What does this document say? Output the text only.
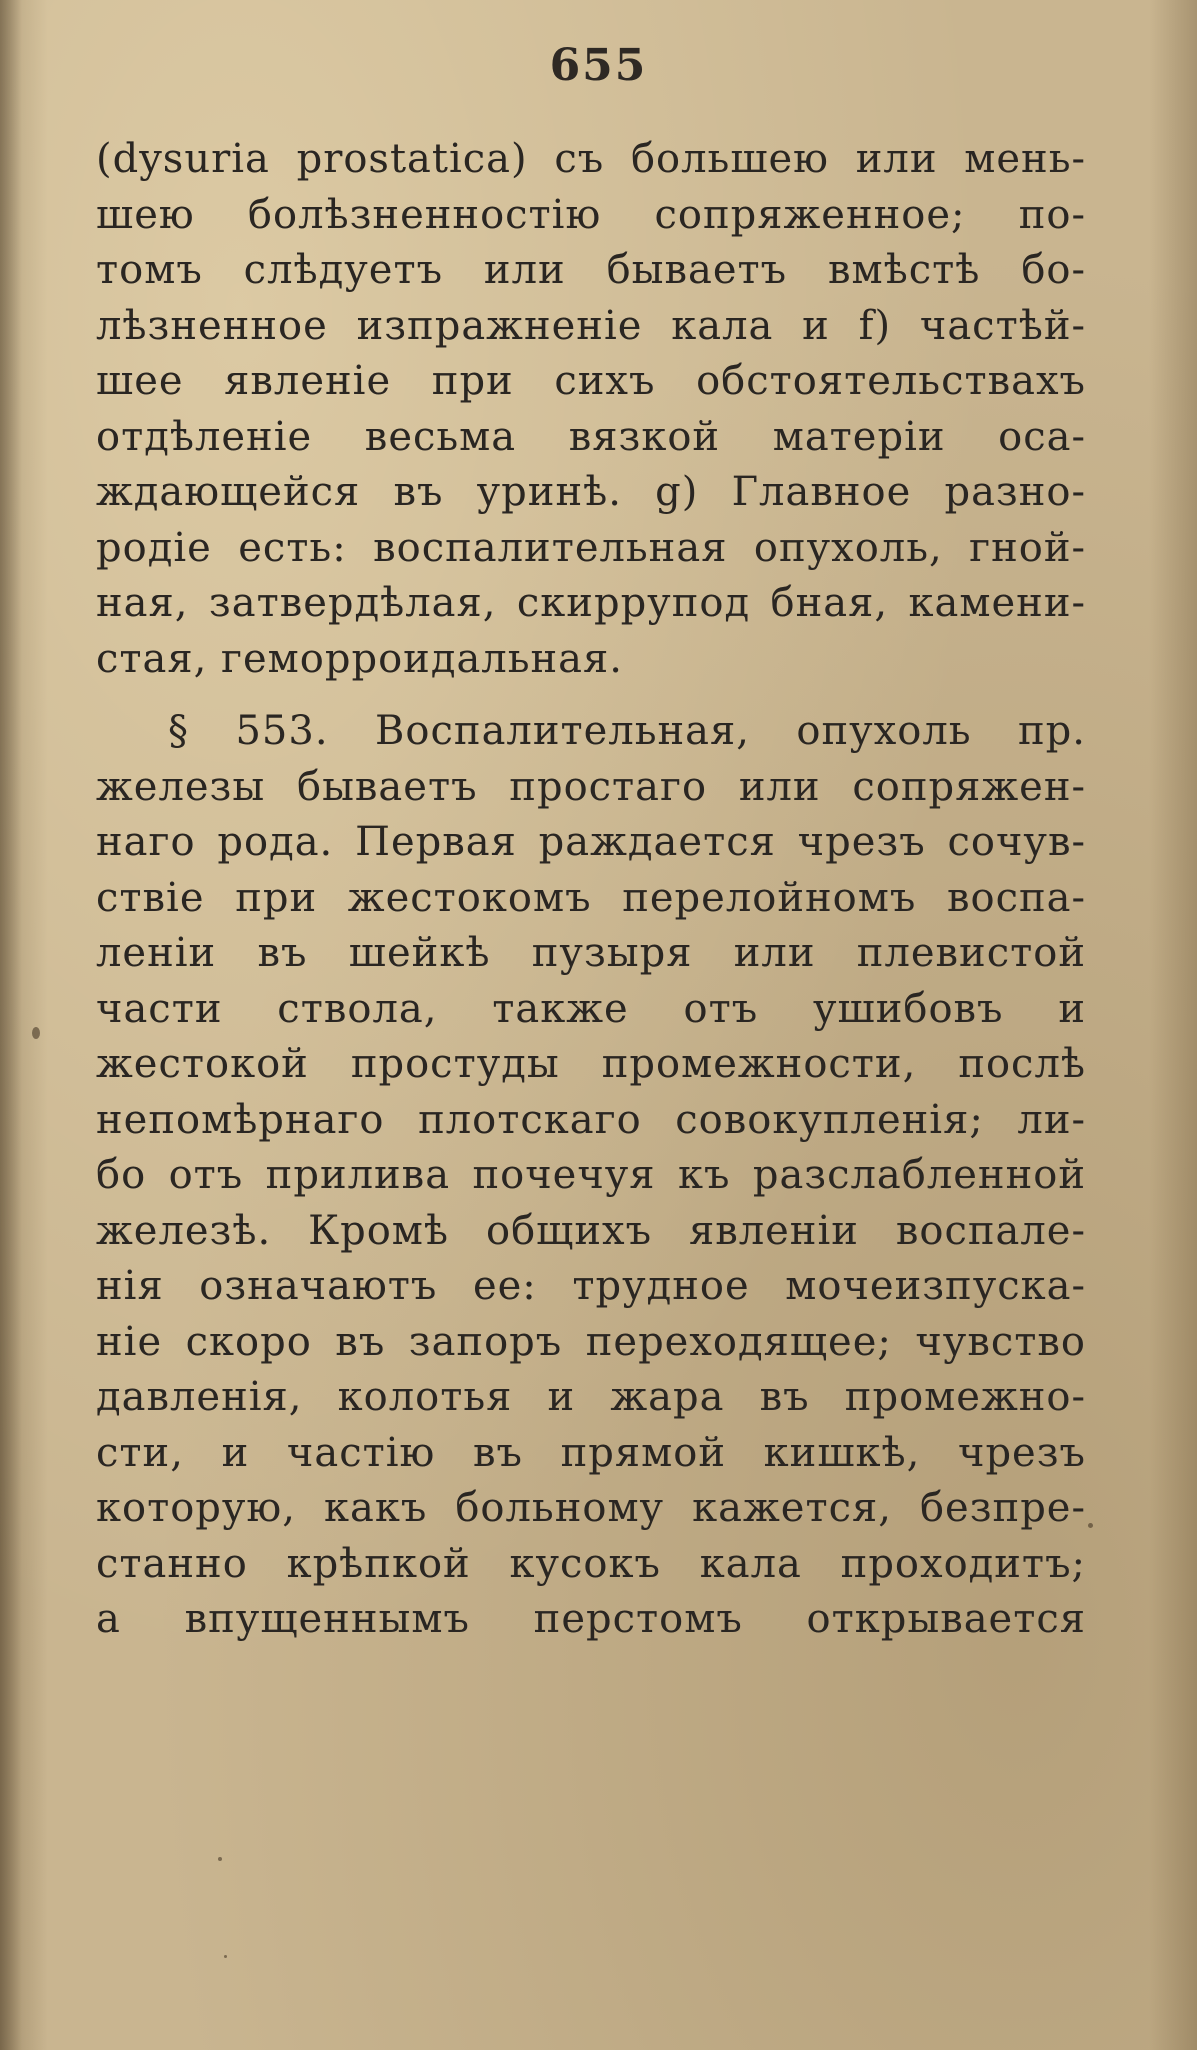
655
(dysuria prostatica) съ большею или мень-
шею болѣзненностію сопряженное; по-
томъ слѣдуетъ или бываетъ вмѣстѣ бо-
лѣзненное изпражненіе кала и f) частѣй-
шее явленіе при сихъ обстоятельствахъ
отдѣленіе весьма вязкой матеріи оса-
ждающейся въ уринѣ. g) Главное разно-
родіе есть: воспалительная опухоль, гной-
ная, затвердѣлая, скиррупод бная, камени-
стая, геморроидальная.
§ 553. Воспалительная, опухоль пр.
железы бываетъ простаго или сопряжен-
наго рода. Первая раждается чрезъ сочув-
ствіе при жестокомъ перелойномъ воспа-
леніи въ шейкѣ пузыря или плевистой
части ствола, также отъ ушибовъ и
жестокой простуды промежности, послѣ
непомѣрнаго плотскаго совокупленія; ли-
бо отъ прилива почечуя къ разслабленной
железѣ. Кромѣ общихъ явленіи воспале-
нія означаютъ ее: трудное мочеизпуска-
ніе скоро въ запоръ переходящее; чувство
давленія, колотья и жара въ промежно-
сти, и частію въ прямой кишкѣ, чрезъ
которую, какъ больному кажется, безпре-
станно крѣпкой кусокъ кала проходитъ;
а впущеннымъ перстомъ открывается
